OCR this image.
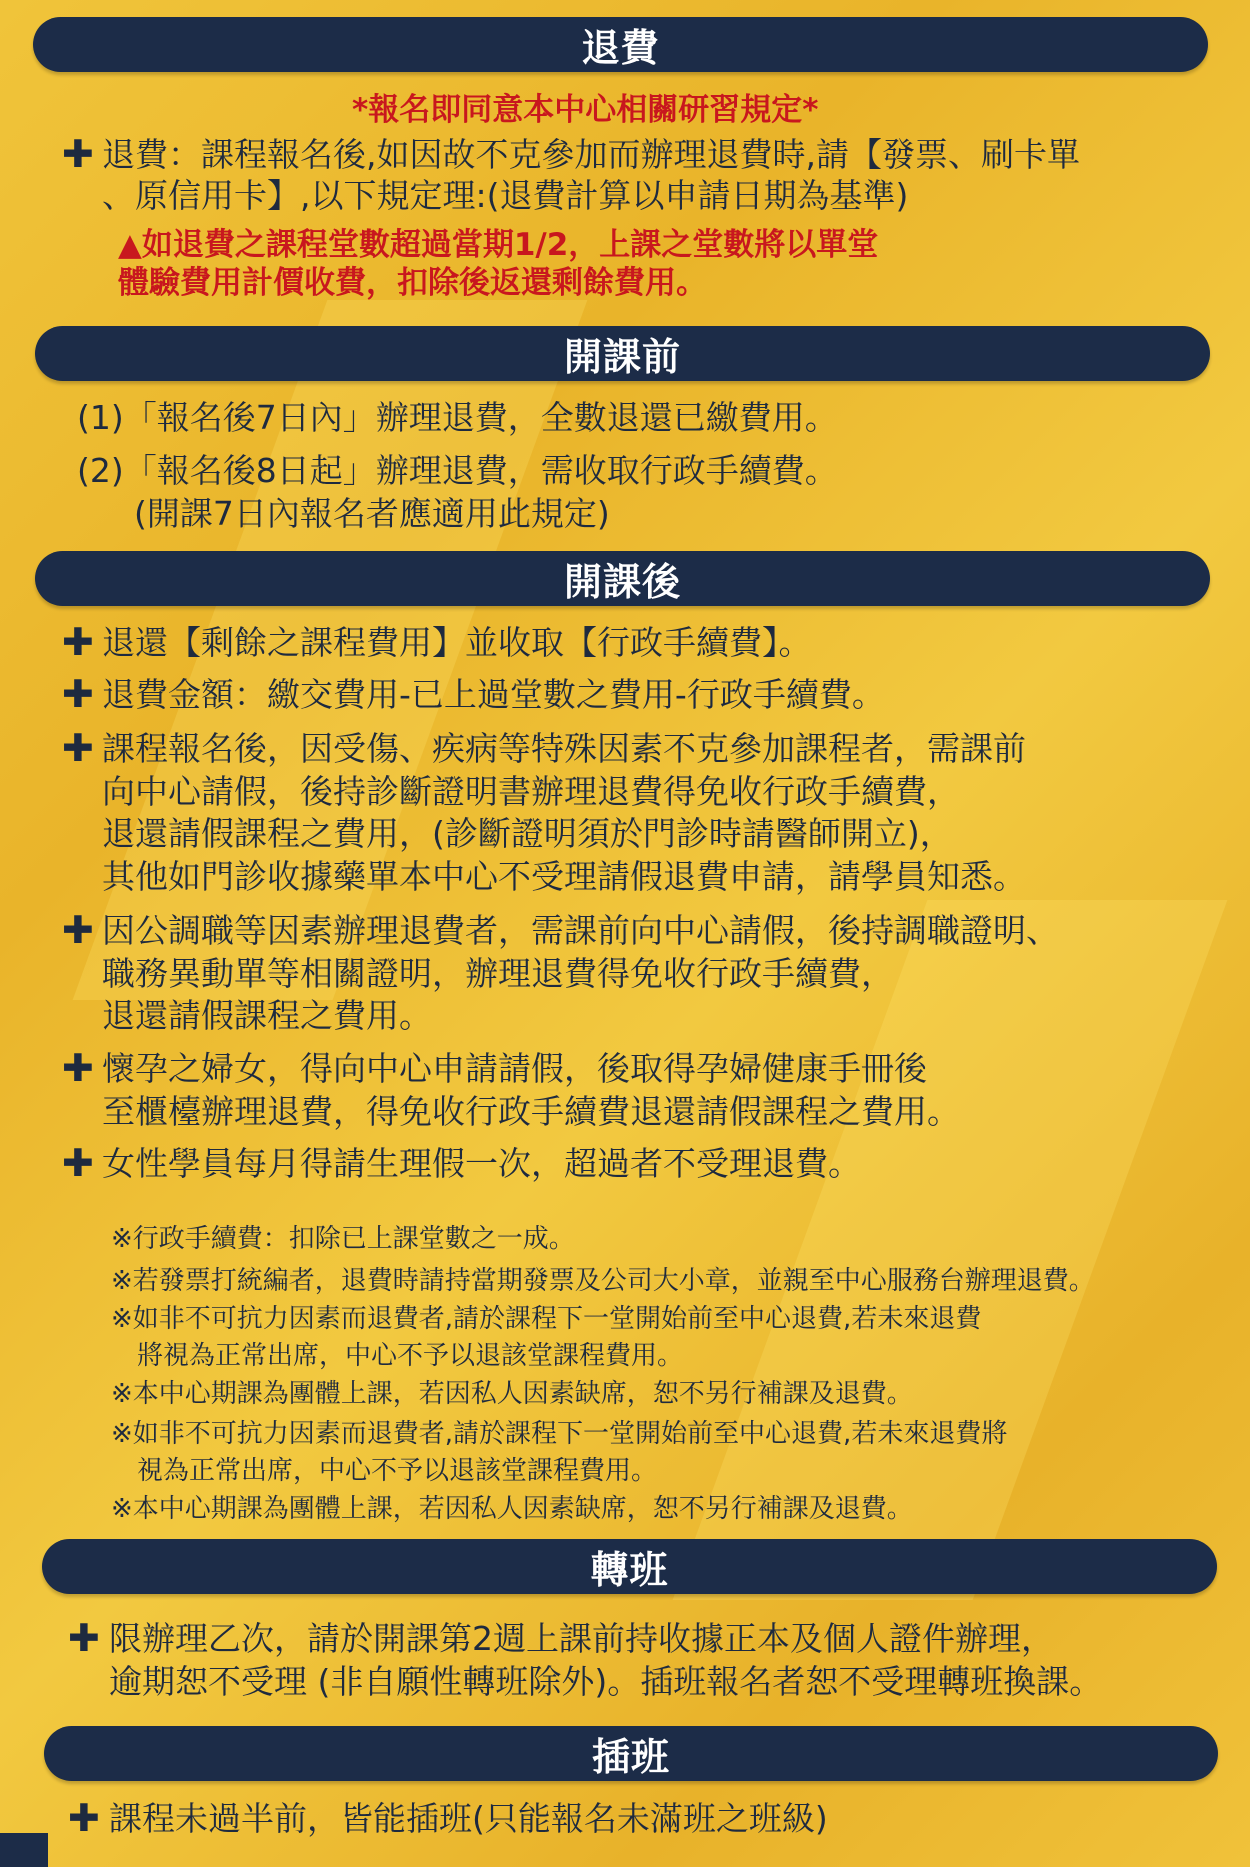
退費
*報名即同意本中心相關研習規定*
✚ 退費：課程報名後,如因故不克參加而辦理退費時,請【發票、刷卡單
、原信用卡】,以下規定理:(退費計算以申請日期為基準)
▲如退費之課程堂數超過當期1/2，上課之堂數將以單堂
體驗費用計價收費，扣除後返還剩餘費用。
開課前
(1)「報名後7日內」辦理退費，全數退還已繳費用。
(2)「報名後8日起」辦理退費，需收取行政手續費。
(開課7日內報名者應適用此規定)
開課後
✚ 退還【剩餘之課程費用】並收取【行政手續費】。
✚ 退費金額：繳交費用-已上過堂數之費用-行政手續費。
✚ 課程報名後，因受傷、疾病等特殊因素不克參加課程者，需課前
向中心請假，後持診斷證明書辦理退費得免收行政手續費，
退還請假課程之費用，(診斷證明須於門診時請醫師開立)，
其他如門診收據藥單本中心不受理請假退費申請，請學員知悉。
✚ 因公調職等因素辦理退費者，需課前向中心請假，後持調職證明、
職務異動單等相關證明，辦理退費得免收行政手續費，
退還請假課程之費用。
✚ 懷孕之婦女，得向中心申請請假，後取得孕婦健康手冊後
至櫃檯辦理退費，得免收行政手續費退還請假課程之費用。
✚ 女性學員每月得請生理假一次，超過者不受理退費。
※行政手續費：扣除已上課堂數之一成。
※若發票打統編者，退費時請持當期發票及公司大小章，並親至中心服務台辦理退費。
※如非不可抗力因素而退費者,請於課程下一堂開始前至中心退費,若未來退費
將視為正常出席，中心不予以退該堂課程費用。
※本中心期課為團體上課，若因私人因素缺席，恕不另行補課及退費。
※如非不可抗力因素而退費者,請於課程下一堂開始前至中心退費,若未來退費將
視為正常出席，中心不予以退該堂課程費用。
※本中心期課為團體上課，若因私人因素缺席，恕不另行補課及退費。
轉班
✚ 限辦理乙次，請於開課第2週上課前持收據正本及個人證件辦理，
逾期恕不受理 (非自願性轉班除外)。插班報名者恕不受理轉班換課。
插班
✚ 課程未過半前，皆能插班(只能報名未滿班之班級)
